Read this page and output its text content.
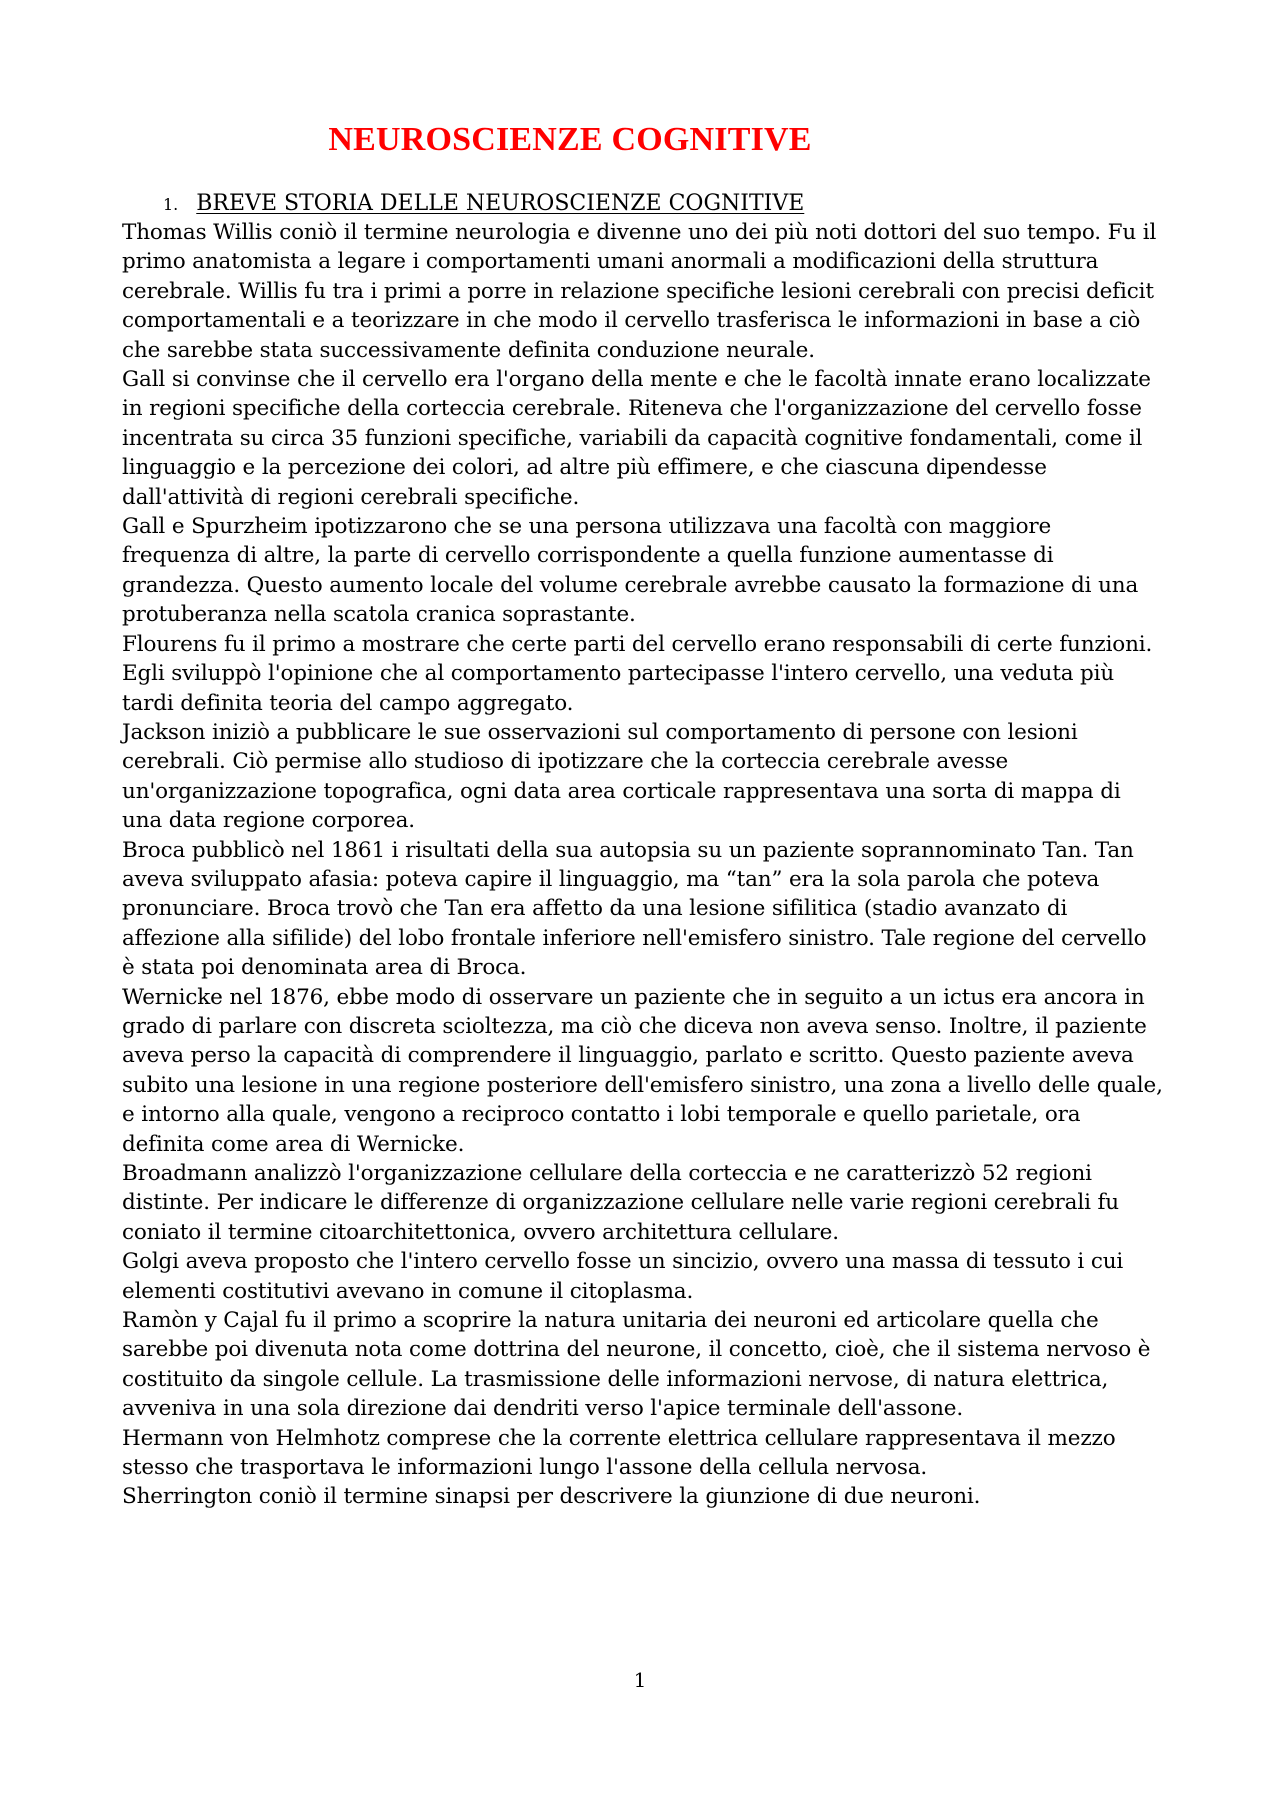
NEUROSCIENZE COGNITIVE
1. BREVE STORIA DELLE NEUROSCIENZE COGNITIVE

Thomas Willis coniò il termine neurologia e divenne uno dei più noti dottori del suo tempo. Fu il primo anatomista a legare i comportamenti umani anormali a modificazioni della struttura cerebrale. Willis fu tra i primi a porre in relazione specifiche lesioni cerebrali con precisi deficit comportamentali e a teorizzare in che modo il cervello trasferisca le informazioni in base a ciò che sarebbe stata successivamente definita conduzione neurale.

Gall si convinse che il cervello era l'organo della mente e che le facoltà innate erano localizzate in regioni specifiche della corteccia cerebrale. Riteneva che l'organizzazione del cervello fosse incentrata su circa 35 funzioni specifiche, variabili da capacità cognitive fondamentali, come il linguaggio e la percezione dei colori, ad altre più effimere, e che ciascuna dipendesse dall'attività di regioni cerebrali specifiche.

Gall e Spurzheim ipotizzarono che se una persona utilizzava una facoltà con maggiore frequenza di altre, la parte di cervello corrispondente a quella funzione aumentasse di grandezza. Questo aumento locale del volume cerebrale avrebbe causato la formazione di una protuberanza nella scatola cranica soprastante.

Flourens fu il primo a mostrare che certe parti del cervello erano responsabili di certe funzioni. Egli sviluppò l'opinione che al comportamento partecipasse l'intero cervello, una veduta più tardi definita teoria del campo aggregato.

Jackson iniziò a pubblicare le sue osservazioni sul comportamento di persone con lesioni cerebrali. Ciò permise allo studioso di ipotizzare che la corteccia cerebrale avesse un'organizzazione topografica, ogni data area corticale rappresentava una sorta di mappa di una data regione corporea.

Broca pubblicò nel 1861 i risultati della sua autopsia su un paziente soprannominato Tan. Tan aveva sviluppato afasia: poteva capire il linguaggio, ma “tan” era la sola parola che poteva pronunciare. Broca trovò che Tan era affetto da una lesione sifilitica (stadio avanzato di affezione alla sifilide) del lobo frontale inferiore nell'emisfero sinistro. Tale regione del cervello è stata poi denominata area di Broca.

Wernicke nel 1876, ebbe modo di osservare un paziente che in seguito a un ictus era ancora in grado di parlare con discreta scioltezza, ma ciò che diceva non aveva senso. Inoltre, il paziente aveva perso la capacità di comprendere il linguaggio, parlato e scritto. Questo paziente aveva subito una lesione in una regione posteriore dell'emisfero sinistro, una zona a livello delle quale, e intorno alla quale, vengono a reciproco contatto i lobi temporale e quello parietale, ora definita come area di Wernicke.

Broadmann analizzò l'organizzazione cellulare della corteccia e ne caratterizzò 52 regioni distinte. Per indicare le differenze di organizzazione cellulare nelle varie regioni cerebrali fu coniato il termine citoarchitettonica, ovvero architettura cellulare.

Golgi aveva proposto che l'intero cervello fosse un sincizio, ovvero una massa di tessuto i cui elementi costitutivi avevano in comune il citoplasma.

Ramòn y Cajal fu il primo a scoprire la natura unitaria dei neuroni ed articolare quella che sarebbe poi divenuta nota come dottrina del neurone, il concetto, cioè, che il sistema nervoso è costituito da singole cellule. La trasmissione delle informazioni nervose, di natura elettrica, avveniva in una sola direzione dai dendriti verso l'apice terminale dell'assone.

Hermann von Helmhotz comprese che la corrente elettrica cellulare rappresentava il mezzo stesso che trasportava le informazioni lungo l'assone della cellula nervosa.

Sherrington coniò il termine sinapsi per descrivere la giunzione di due neuroni.

1
